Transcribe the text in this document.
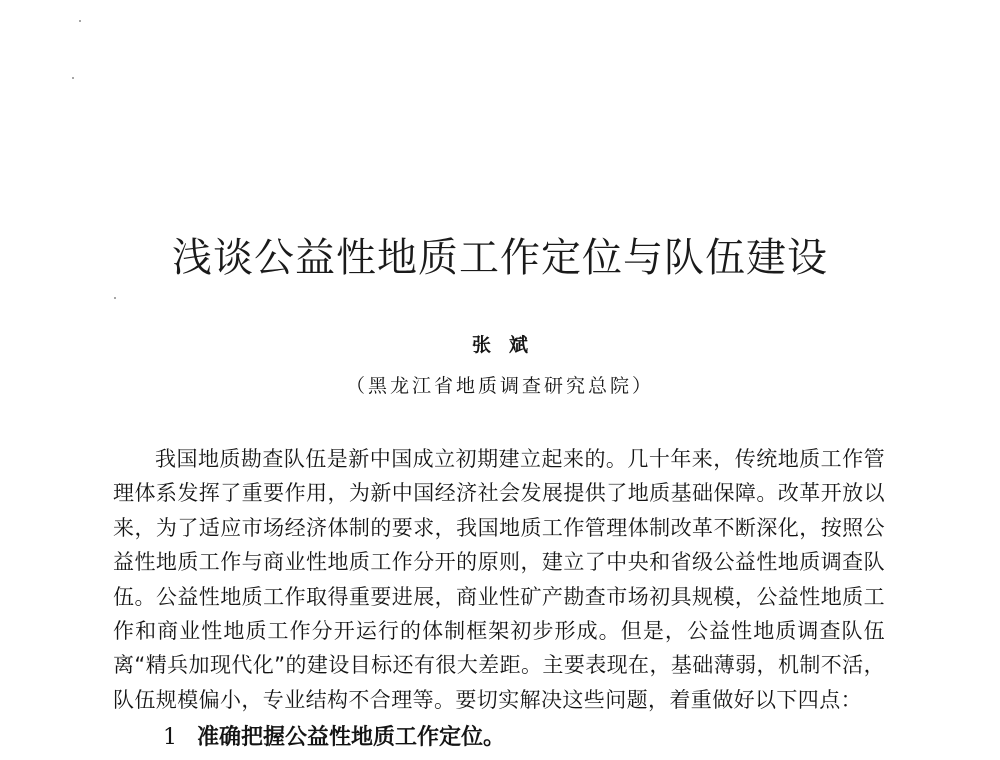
浅谈公益性地质工作定位与队伍建设
张斌
（黑龙江省地质调查研究总院）

我国地质勘查队伍是新中国成立初期建立起来的。几十年来，传统地质工作管理体系发挥了重要作用，为新中国经济社会发展提供了地质基础保障。改革开放以来，为了适应市场经济体制的要求，我国地质工作管理体制改革不断深化，按照公益性地质工作与商业性地质工作分开的原则，建立了中央和省级公益性地质调查队伍。公益性地质工作取得重要进展，商业性矿产勘查市场初具规模，公益性地质工作和商业性地质工作分开运行的体制框架初步形成。但是，公益性地质调查队伍离“精兵加现代化”的建设目标还有很大差距。主要表现在，基础薄弱，机制不活，队伍规模偏小，专业结构不合理等。要切实解决这些问题，着重做好以下四点：

1 准确把握公益性地质工作定位。
